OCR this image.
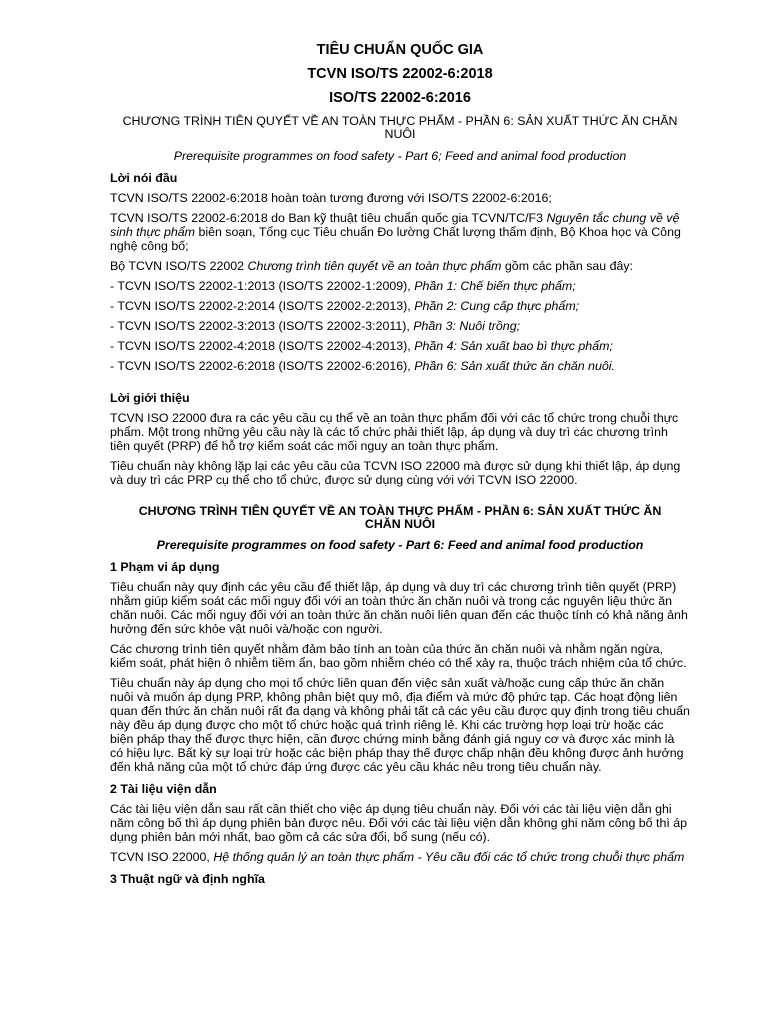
TIÊU CHUẨN QUỐC GIA
TCVN ISO/TS 22002-6:2018
ISO/TS 22002-6:2016
CHƯƠNG TRÌNH TIÊN QUYẾT VỀ AN TOÀN THỰC PHẨM - PHẦN 6: SẢN XUẤT THỨC ĂN CHĂN NUÔI
Prerequisite programmes on food safety - Part 6; Feed and animal food production
Lời nói đầu

TCVN ISO/TS 22002-6:2018 hoàn toàn tương đương với ISO/TS 22002-6:2016;

TCVN ISO/TS 22002-6:2018 do Ban kỹ thuật tiêu chuẩn quốc gia TCVN/TC/F3 Nguyên tắc chung về vệ sinh thực phẩm biên soạn, Tổng cục Tiêu chuẩn Đo lường Chất lượng thẩm định, Bộ Khoa học và Công nghệ công bố;

Bộ TCVN ISO/TS 22002 Chương trình tiên quyết về an toàn thực phẩm gồm các phần sau đây:

- TCVN ISO/TS 22002-1:2013 (ISO/TS 22002-1:2009), Phần 1: Chế biến thực phẩm;

- TCVN ISO/TS 22002-2:2014 (ISO/TS 22002-2:2013), Phần 2: Cung cấp thực phẩm;

- TCVN ISO/TS 22002-3:2013 (ISO/TS 22002-3:2011), Phần 3: Nuôi trồng;

- TCVN ISO/TS 22002-4:2018 (ISO/TS 22002-4:2013), Phần 4: Sản xuất bao bì thực phẩm;

- TCVN ISO/TS 22002-6:2018 (ISO/TS 22002-6:2016), Phần 6: Sản xuất thức ăn chăn nuôi.

Lời giới thiệu

TCVN ISO 22000 đưa ra các yêu cầu cụ thể về an toàn thực phẩm đối với các tổ chức trong chuỗi thực phẩm. Một trong những yêu cầu này là các tổ chức phải thiết lập, áp dụng và duy trì các chương trình tiên quyết (PRP) để hỗ trợ kiểm soát các mối nguy an toàn thực phẩm.

Tiêu chuẩn này không lặp lại các yêu cầu của TCVN ISO 22000 mà được sử dụng khi thiết lập, áp dụng và duy trì các PRP cụ thể cho tổ chức, được sử dụng cùng với với TCVN ISO 22000.

CHƯƠNG TRÌNH TIÊN QUYẾT VỀ AN TOÀN THỰC PHẨM - PHẦN 6: SẢN XUẤT THỨC ĂN CHĂN NUÔI
Prerequisite programmes on food safety - Part 6: Feed and animal food production
1 Phạm vi áp dụng

Tiêu chuẩn này quy định các yêu cầu để thiết lập, áp dụng và duy trì các chương trình tiên quyết (PRP) nhằm giúp kiểm soát các mối nguy đối với an toàn thức ăn chăn nuôi và trong các nguyên liệu thức ăn chăn nuôi. Các mối nguy đối với an toàn thức ăn chăn nuôi liên quan đến các thuộc tính có khả năng ảnh hưởng đến sức khỏe vật nuôi và/hoặc con người.

Các chương trình tiên quyết nhằm đảm bảo tính an toàn của thức ăn chăn nuôi và nhằm ngăn ngừa, kiểm soát, phát hiện ô nhiễm tiềm ẩn, bao gồm nhiễm chéo có thể xảy ra, thuộc trách nhiệm của tổ chức.

Tiêu chuẩn này áp dụng cho mọi tổ chức liên quan đến việc sản xuất và/hoặc cung cấp thức ăn chăn nuôi và muốn áp dụng PRP, không phân biệt quy mô, địa điểm và mức độ phức tạp. Các hoạt động liên quan đến thức ăn chăn nuôi rất đa dạng và không phải tất cả các yêu cầu được quy định trong tiêu chuẩn này đều áp dụng được cho một tổ chức hoặc quá trình riêng lẻ. Khi các trường hợp loại trừ hoặc các biện pháp thay thế được thực hiện, cần được chứng minh bằng đánh giá nguy cơ và được xác minh là có hiệu lực. Bất kỳ sự loại trừ hoặc các biện pháp thay thế được chấp nhận đều không được ảnh hưởng đến khả năng của một tổ chức đáp ứng được các yêu cầu khác nêu trong tiêu chuẩn này.

2 Tài liệu viện dẫn

Các tài liệu viện dẫn sau rất cần thiết cho việc áp dụng tiêu chuẩn này. Đối với các tài liệu viện dẫn ghi năm công bố thì áp dụng phiên bản được nêu. Đối với các tài liệu viện dẫn không ghi năm công bố thì áp dụng phiên bản mới nhất, bao gồm cả các sửa đổi, bổ sung (nếu có).

TCVN ISO 22000, Hệ thống quản lý an toàn thực phẩm - Yêu cầu đối các tổ chức trong chuỗi thực phẩm

3 Thuật ngữ và định nghĩa
